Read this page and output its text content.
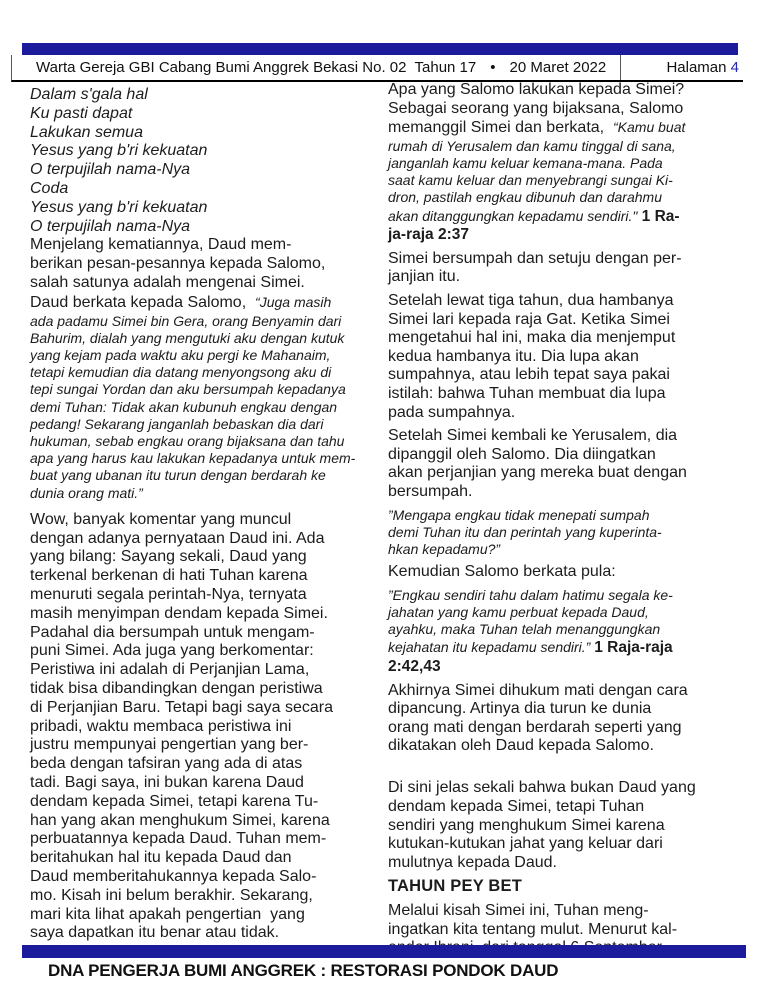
Warta Gereja GBI Cabang Bumi Anggrek Bekasi No. 02  Tahun 17 • 20 Maret 2022	Halaman 4
Dalam s'gala hal
Ku pasti dapat
Lakukan semua
Yesus yang b'ri kekuatan
O terpujilah nama-Nya
Coda
Yesus yang b'ri kekuatan
O terpujilah nama-Nya
Menjelang kematiannya, Daud mem-
berikan pesan-pesannya kepada Salomo,
salah satunya adalah mengenai Simei.
Daud berkata kepada Salomo,  “Juga masih
ada padamu Simei bin Gera, orang Benyamin dari
Bahurim, dialah yang mengutuki aku dengan kutuk
yang kejam pada waktu aku pergi ke Mahanaim,
tetapi kemudian dia datang menyongsong aku di
tepi sungai Yordan dan aku bersumpah kepadanya
demi Tuhan: Tidak akan kubunuh engkau dengan
pedang! Sekarang janganlah bebaskan dia dari
hukuman, sebab engkau orang bijaksana dan tahu
apa yang harus kau lakukan kepadanya untuk mem-
buat yang ubanan itu turun dengan berdarah ke
dunia orang mati.”
Wow, banyak komentar yang muncul
dengan adanya pernyataan Daud ini. Ada
yang bilang: Sayang sekali, Daud yang
terkenal berkenan di hati Tuhan karena
menuruti segala perintah-Nya, ternyata
masih menyimpan dendam kepada Simei.
Padahal dia bersumpah untuk mengam-
puni Simei. Ada juga yang berkomentar:
Peristiwa ini adalah di Perjanjian Lama,
tidak bisa dibandingkan dengan peristiwa
di Perjanjian Baru. Tetapi bagi saya secara
pribadi, waktu membaca peristiwa ini
justru mempunyai pengertian yang ber-
beda dengan tafsiran yang ada di atas
tadi. Bagi saya, ini bukan karena Daud
dendam kepada Simei, tetapi karena Tu-
han yang akan menghukum Simei, karena
perbuatannya kepada Daud. Tuhan mem-
beritahukan hal itu kepada Daud dan
Daud memberitahukannya kepada Salo-
mo. Kisah ini belum berakhir. Sekarang,
mari kita lihat apakah pengertian  yang
saya dapatkan itu benar atau tidak.
Apa yang Salomo lakukan kepada Simei?
Sebagai seorang yang bijaksana, Salomo
memanggil Simei dan berkata,  “Kamu buat
rumah di Yerusalem dan kamu tinggal di sana,
janganlah kamu keluar kemana-mana. Pada
saat kamu keluar dan menyebrangi sungai Ki-
dron, pastilah engkau dibunuh dan darahmu
akan ditanggungkan kepadamu sendiri." 1 Ra-
ja-raja 2:37
Simei bersumpah dan setuju dengan per-
janjian itu.
Setelah lewat tiga tahun, dua hambanya
Simei lari kepada raja Gat. Ketika Simei
mengetahui hal ini, maka dia menjemput
kedua hambanya itu. Dia lupa akan
sumpahnya, atau lebih tepat saya pakai
istilah: bahwa Tuhan membuat dia lupa
pada sumpahnya.
Setelah Simei kembali ke Yerusalem, dia
dipanggil oleh Salomo. Dia diingatkan
akan perjanjian yang mereka buat dengan
bersumpah.
”Mengapa engkau tidak menepati sumpah
demi Tuhan itu dan perintah yang kuperinta-
hkan kepadamu?”
Kemudian Salomo berkata pula:
”Engkau sendiri tahu dalam hatimu segala ke-
jahatan yang kamu perbuat kepada Daud,
ayahku, maka Tuhan telah menanggungkan
kejahatan itu kepadamu sendiri.” 1 Raja-raja
2:42,43
Akhirnya Simei dihukum mati dengan cara
dipancung. Artinya dia turun ke dunia
orang mati dengan berdarah seperti yang
dikatakan oleh Daud kepada Salomo.

Di sini jelas sekali bahwa bukan Daud yang
dendam kepada Simei, tetapi Tuhan
sendiri yang menghukum Simei karena
kutukan-kutukan jahat yang keluar dari
mulutnya kepada Daud.
TAHUN PEY BET
Melalui kisah Simei ini, Tuhan meng-
ingatkan kita tentang mulut. Menurut kal-
DNA PENGERJA BUMI ANGGREK : RESTORASI PONDOK DAUD
